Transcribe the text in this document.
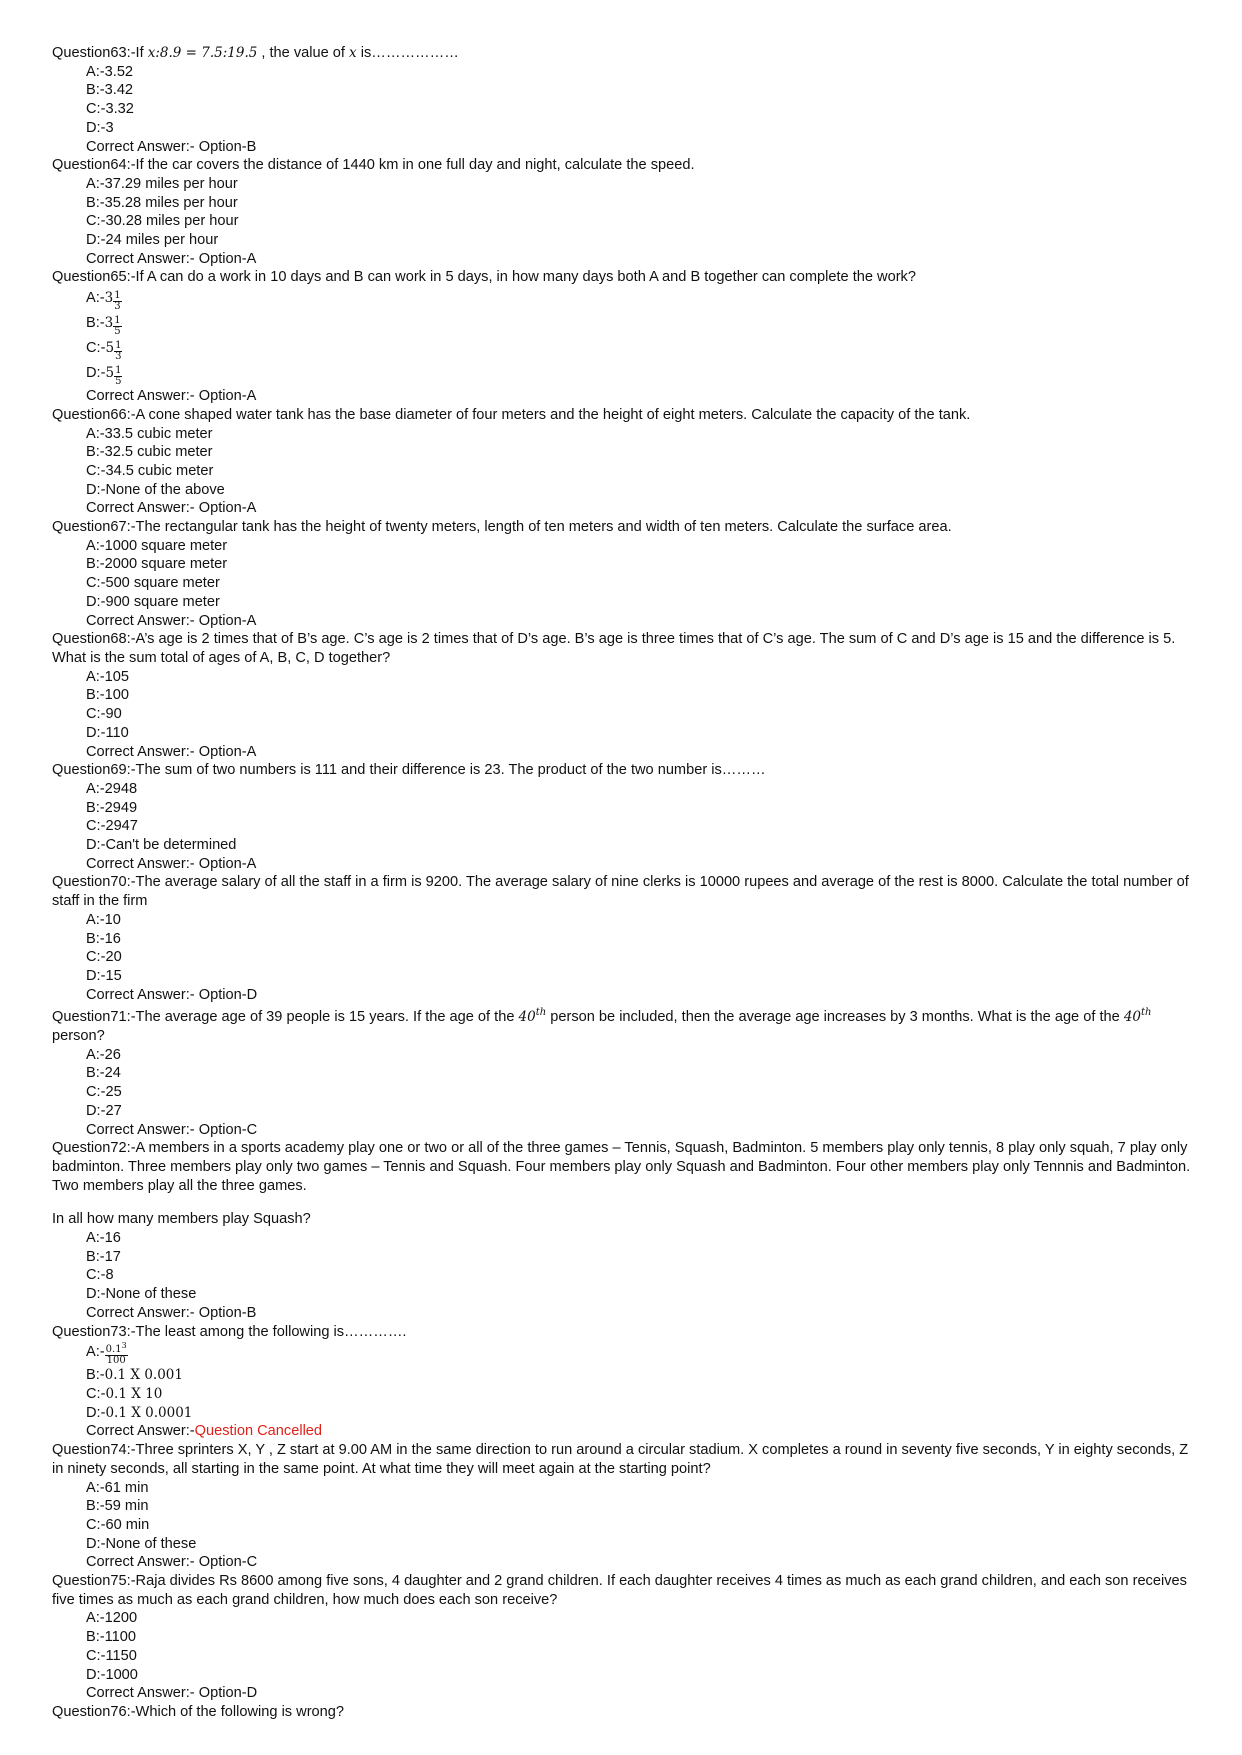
Question63:-If x:8.9 = 7.5:19.5 , the value of x is………………
A:-3.52
B:-3.42
C:-3.32
D:-3
Correct Answer:- Option-B
Question64:-If the car covers the distance of 1440 km in one full day and night, calculate the speed.
A:-37.29 miles per hour
B:-35.28 miles per hour
C:-30.28 miles per hour
D:-24 miles per hour
Correct Answer:- Option-A
Question65:-If A can do a work in 10 days and B can work in 5 days, in how many days both A and B together can complete the work?
A:-3 $\frac{1}{3}$
B:-3 $\frac{1}{5}$
C:-5 $\frac{1}{3}$
D:-5 $\frac{1}{5}$
Correct Answer:- Option-A
Question66:-A cone shaped water tank has the base diameter of four meters and the height of eight meters. Calculate the capacity of the tank.
A:-33.5 cubic meter
B:-32.5 cubic meter
C:-34.5 cubic meter
D:-None of the above
Correct Answer:- Option-A
Question67:-The rectangular tank has the height of twenty meters, length of ten meters and width of ten meters. Calculate the surface area.
A:-1000 square meter
B:-2000 square meter
C:-500 square meter
D:-900 square meter
Correct Answer:- Option-A
Question68:-A’s age is 2 times that of B’s age. C’s age is 2 times that of D’s age. B’s age is three times that of C’s age. The sum of C and D’s age is 15 and the difference is 5. What is the sum total of ages of A, B, C, D together?
A:-105
B:-100
C:-90
D:-110
Correct Answer:- Option-A
Question69:-The sum of two numbers is 111 and their difference is 23. The product of the two number is………
A:-2948
B:-2949
C:-2947
D:-Can't be determined
Correct Answer:- Option-A
Question70:-The average salary of all the staff in a firm is 9200. The average salary of nine clerks is 10000 rupees and average of the rest is 8000. Calculate the total number of staff in the firm
A:-10
B:-16
C:-20
D:-15
Correct Answer:- Option-D
Question71:-The average age of 39 people is 15 years. If the age of the 40th person be included, then the average age increases by 3 months. What is the age of the 40th person?
A:-26
B:-24
C:-25
D:-27
Correct Answer:- Option-C
Question72:-A members in a sports academy play one or two or all of the three games – Tennis, Squash, Badminton. 5 members play only tennis, 8 play only squah, 7 play only badminton. Three members play only two games – Tennis and Squash. Four members play only Squash and Badminton. Four other members play only Tennnis and Badminton. Two members play all the three games.
In all how many members play Squash?
A:-16
B:-17
C:-8
D:-None of these
Correct Answer:- Option-B
Question73:-The least among the following is………….
A:- $\frac{0.1^3}{100}$
B:-0.1 X 0.001
C:-0.1 X 10
D:-0.1 X 0.0001
Correct Answer:-Question Cancelled
Question74:-Three sprinters X, Y , Z start at 9.00 AM in the same direction to run around a circular stadium. X completes a round in seventy five seconds, Y in eighty seconds, Z in ninety seconds, all starting in the same point. At what time they will meet again at the starting point?
A:-61 min
B:-59 min
C:-60 min
D:-None of these
Correct Answer:- Option-C
Question75:-Raja divides Rs 8600 among five sons, 4 daughter and 2 grand children. If each daughter receives 4 times as much as each grand children, and each son receives five times as much as each grand children, how much does each son receive?
A:-1200
B:-1100
C:-1150
D:-1000
Correct Answer:- Option-D
Question76:-Which of the following is wrong?
